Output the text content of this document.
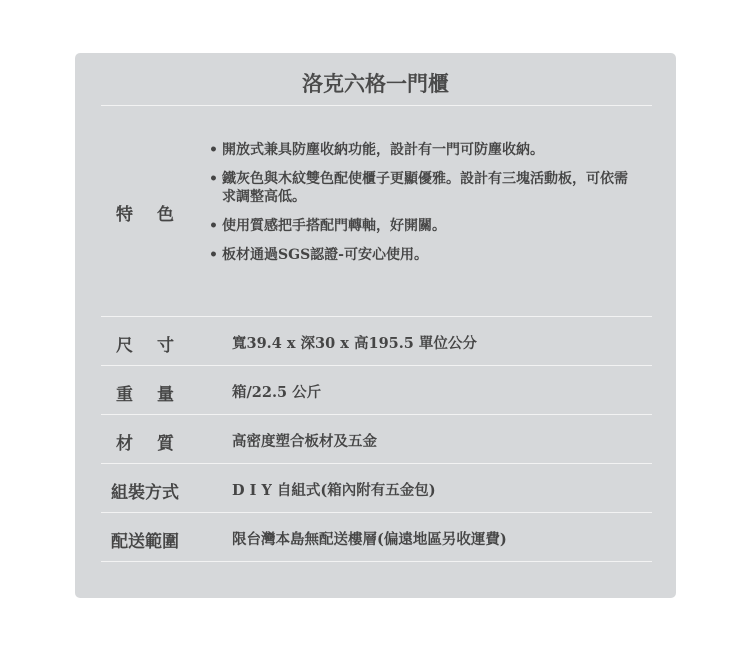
洛克六格一門櫃
特色
• 開放式兼具防塵收納功能，設計有一門可防塵收納。
• 鐵灰色與木紋雙色配使櫃子更顯優雅。設計有三塊活動板，可依需求調整高低。
• 使用質感把手搭配門轉軸，好開關。
• 板材通過SGS認證-可安心使用。
尺寸	寬39.4 x 深30 x 高195.5 單位公分
重量	箱/22.5 公斤
材質	高密度塑合板材及五金
組裝方式	D I Y 自組式(箱內附有五金包)
配送範圍	限台灣本島無配送樓層(偏遠地區另收運費)
